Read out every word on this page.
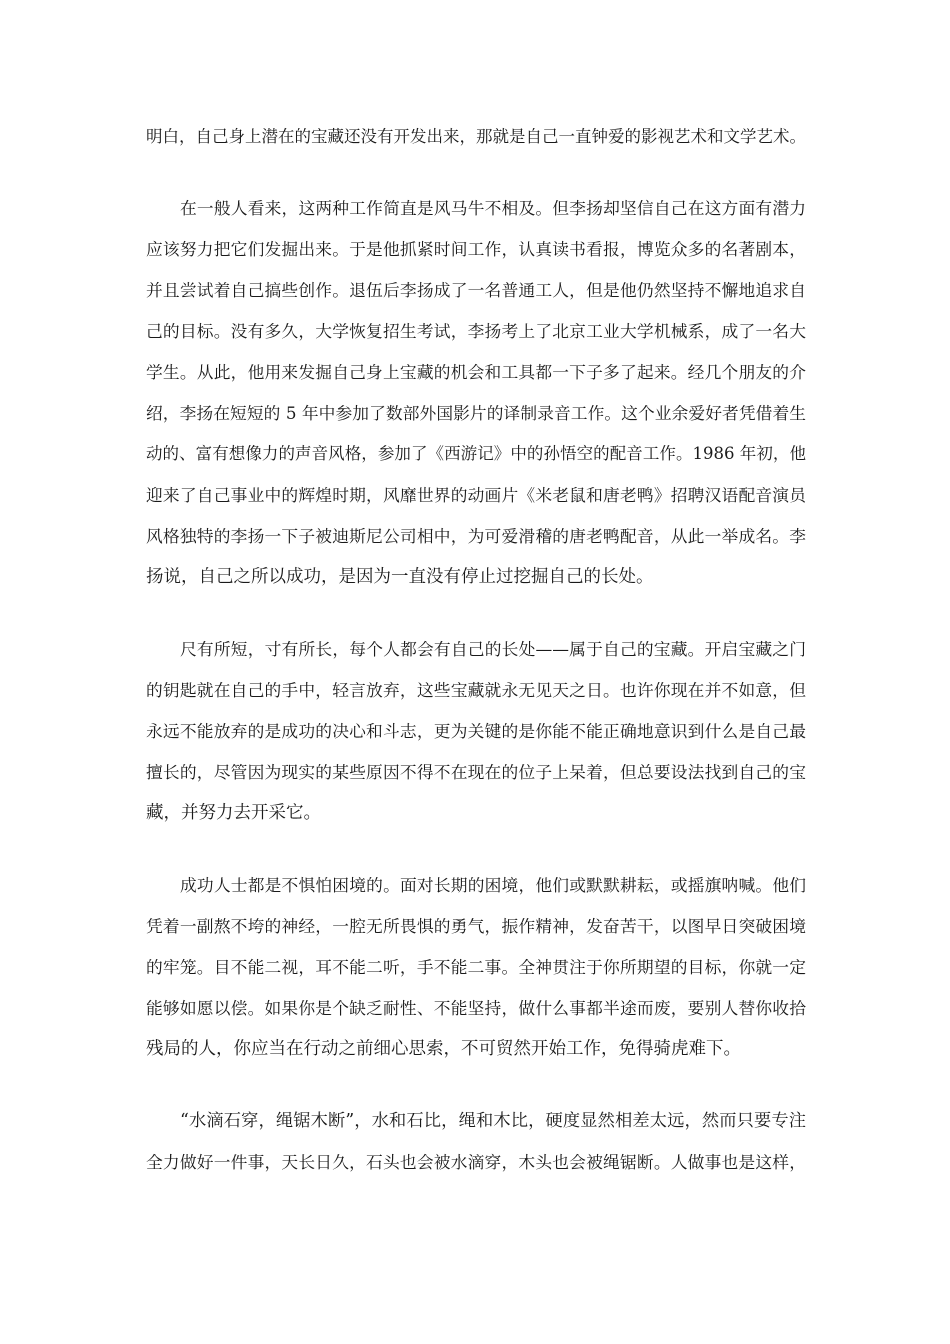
明白，自己身上潜在的宝藏还没有开发出来，那就是自己一直钟爱的影视艺术和文学艺术。
在一般人看来，这两种工作简直是风马牛不相及。但李扬却坚信自己在这方面有潜力
应该努力把它们发掘出来。于是他抓紧时间工作，认真读书看报，博览众多的名著剧本，
并且尝试着自己搞些创作。退伍后李扬成了一名普通工人，但是他仍然坚持不懈地追求自
己的目标。没有多久，大学恢复招生考试，李扬考上了北京工业大学机械系，成了一名大
学生。从此，他用来发掘自己身上宝藏的机会和工具都一下子多了起来。经几个朋友的介
绍，李扬在短短的 5 年中参加了数部外国影片的译制录音工作。这个业余爱好者凭借着生
动的、富有想像力的声音风格，参加了《西游记》中的孙悟空的配音工作。1986 年初，他
迎来了自己事业中的辉煌时期，风靡世界的动画片《米老鼠和唐老鸭》招聘汉语配音演员
风格独特的李扬一下子被迪斯尼公司相中，为可爱滑稽的唐老鸭配音，从此一举成名。李
扬说，自己之所以成功，是因为一直没有停止过挖掘自己的长处。
尺有所短，寸有所长，每个人都会有自己的长处——属于自己的宝藏。开启宝藏之门
的钥匙就在自己的手中，轻言放弃，这些宝藏就永无见天之日。也许你现在并不如意，但
永远不能放弃的是成功的决心和斗志，更为关键的是你能不能正确地意识到什么是自己最
擅长的，尽管因为现实的某些原因不得不在现在的位子上呆着，但总要设法找到自己的宝
藏，并努力去开采它。
成功人士都是不惧怕困境的。面对长期的困境，他们或默默耕耘，或摇旗呐喊。他们
凭着一副熬不垮的神经，一腔无所畏惧的勇气，振作精神，发奋苦干，以图早日突破困境
的牢笼。目不能二视，耳不能二听，手不能二事。全神贯注于你所期望的目标，你就一定
能够如愿以偿。如果你是个缺乏耐性、不能坚持，做什么事都半途而废，要别人替你收拾
残局的人，你应当在行动之前细心思索，不可贸然开始工作，免得骑虎难下。
“水滴石穿，绳锯木断”，水和石比，绳和木比，硬度显然相差太远，然而只要专注
全力做好一件事，天长日久，石头也会被水滴穿，木头也会被绳锯断。人做事也是这样，
